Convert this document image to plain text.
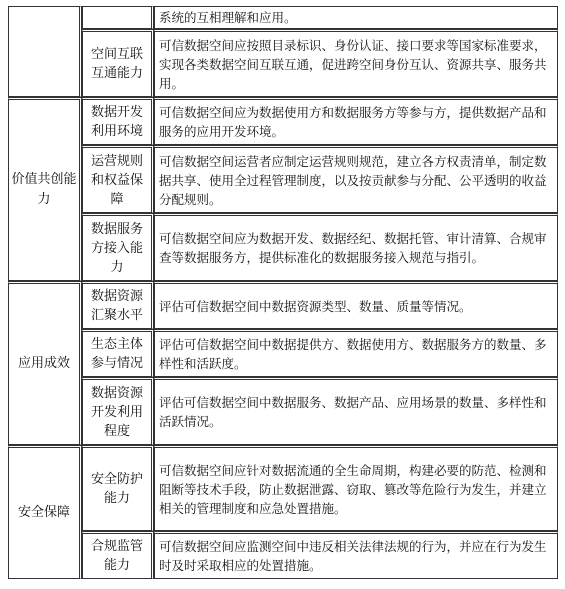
		系统的互相理解和应用。
	空间互联互通能力	可信数据空间应按照目录标识、身份认证、接口要求等国家标准要求，实现各类数据空间互联互通，促进跨空间身份互认、资源共享、服务共用。
价值共创能力	数据开发利用环境	可信数据空间应为数据使用方和数据服务方等参与方，提供数据产品和服务的应用开发环境。
	运营规则和权益保障	可信数据空间运营者应制定运营规则规范，建立各方权责清单，制定数据共享、使用全过程管理制度，以及按贡献参与分配、公平透明的收益分配规则。
	数据服务方接入能力	可信数据空间应为数据开发、数据经纪、数据托管、审计清算、合规审查等数据服务方，提供标准化的数据服务接入规范与指引。
应用成效	数据资源汇聚水平	评估可信数据空间中数据资源类型、数量、质量等情况。
	生态主体参与情况	评估可信数据空间中数据提供方、数据使用方、数据服务方的数量、多样性和活跃度。
	数据资源开发利用程度	评估可信数据空间中数据服务、数据产品、应用场景的数量、多样性和活跃情况。
安全保障	安全防护能力	可信数据空间应针对数据流通的全生命周期，构建必要的防范、检测和阻断等技术手段，防止数据泄露、窃取、篡改等危险行为发生，并建立相关的管理制度和应急处置措施。
	合规监管能力	可信数据空间应监测空间中违反相关法律法规的行为，并应在行为发生时及时采取相应的处置措施。
